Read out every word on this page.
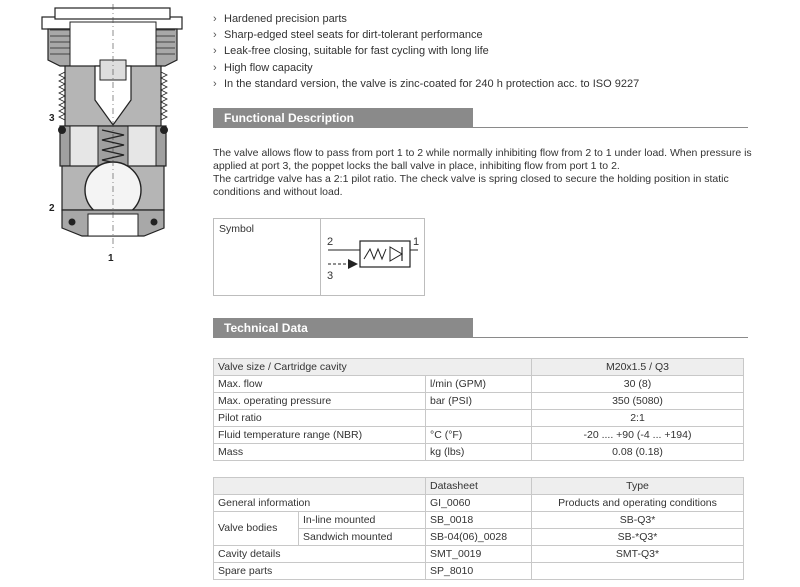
3
2
1
› Hardened precision parts
› Sharp-edged steel seats for dirt-tolerant performance
› Leak-free closing, suitable for fast cycling with long life
› High flow capacity
› In the standard version, the valve is zinc-coated for 240 h protection acc. to ISO 9227
Functional Description

The valve allows flow to pass from port 1 to 2 while normally inhibiting flow from 2 to 1 under load. When pressure is applied at port 3, the poppet locks the ball valve in place, inhibiting flow from port 1 to 2.

The cartridge valve has a 2:1 pilot ratio. The check valve is spring closed to secure the holding position in static conditions and without load.

Symbol
2	1
3
Technical Data
Valve size / Cartridge cavity		M20x1.5 / Q3
Max. flow	l/min (GPM)	30 (8)
Max. operating pressure	bar (PSI)	350 (5080)
Pilot ratio		2:1
Fluid temperature range (NBR)	°C (°F)	-20 .... +90 (-4 ... +194)
Mass	kg (lbs)	0.08 (0.18)
		Datasheet	Type
General information		GI_0060	Products and operating conditions
Valve bodies	In-line mounted	SB_0018	SB-Q3*
	Sandwich mounted	SB-04(06)_0028	SB-*Q3*
Cavity details		SMT_0019	SMT-Q3*
Spare parts		SP_8010	
